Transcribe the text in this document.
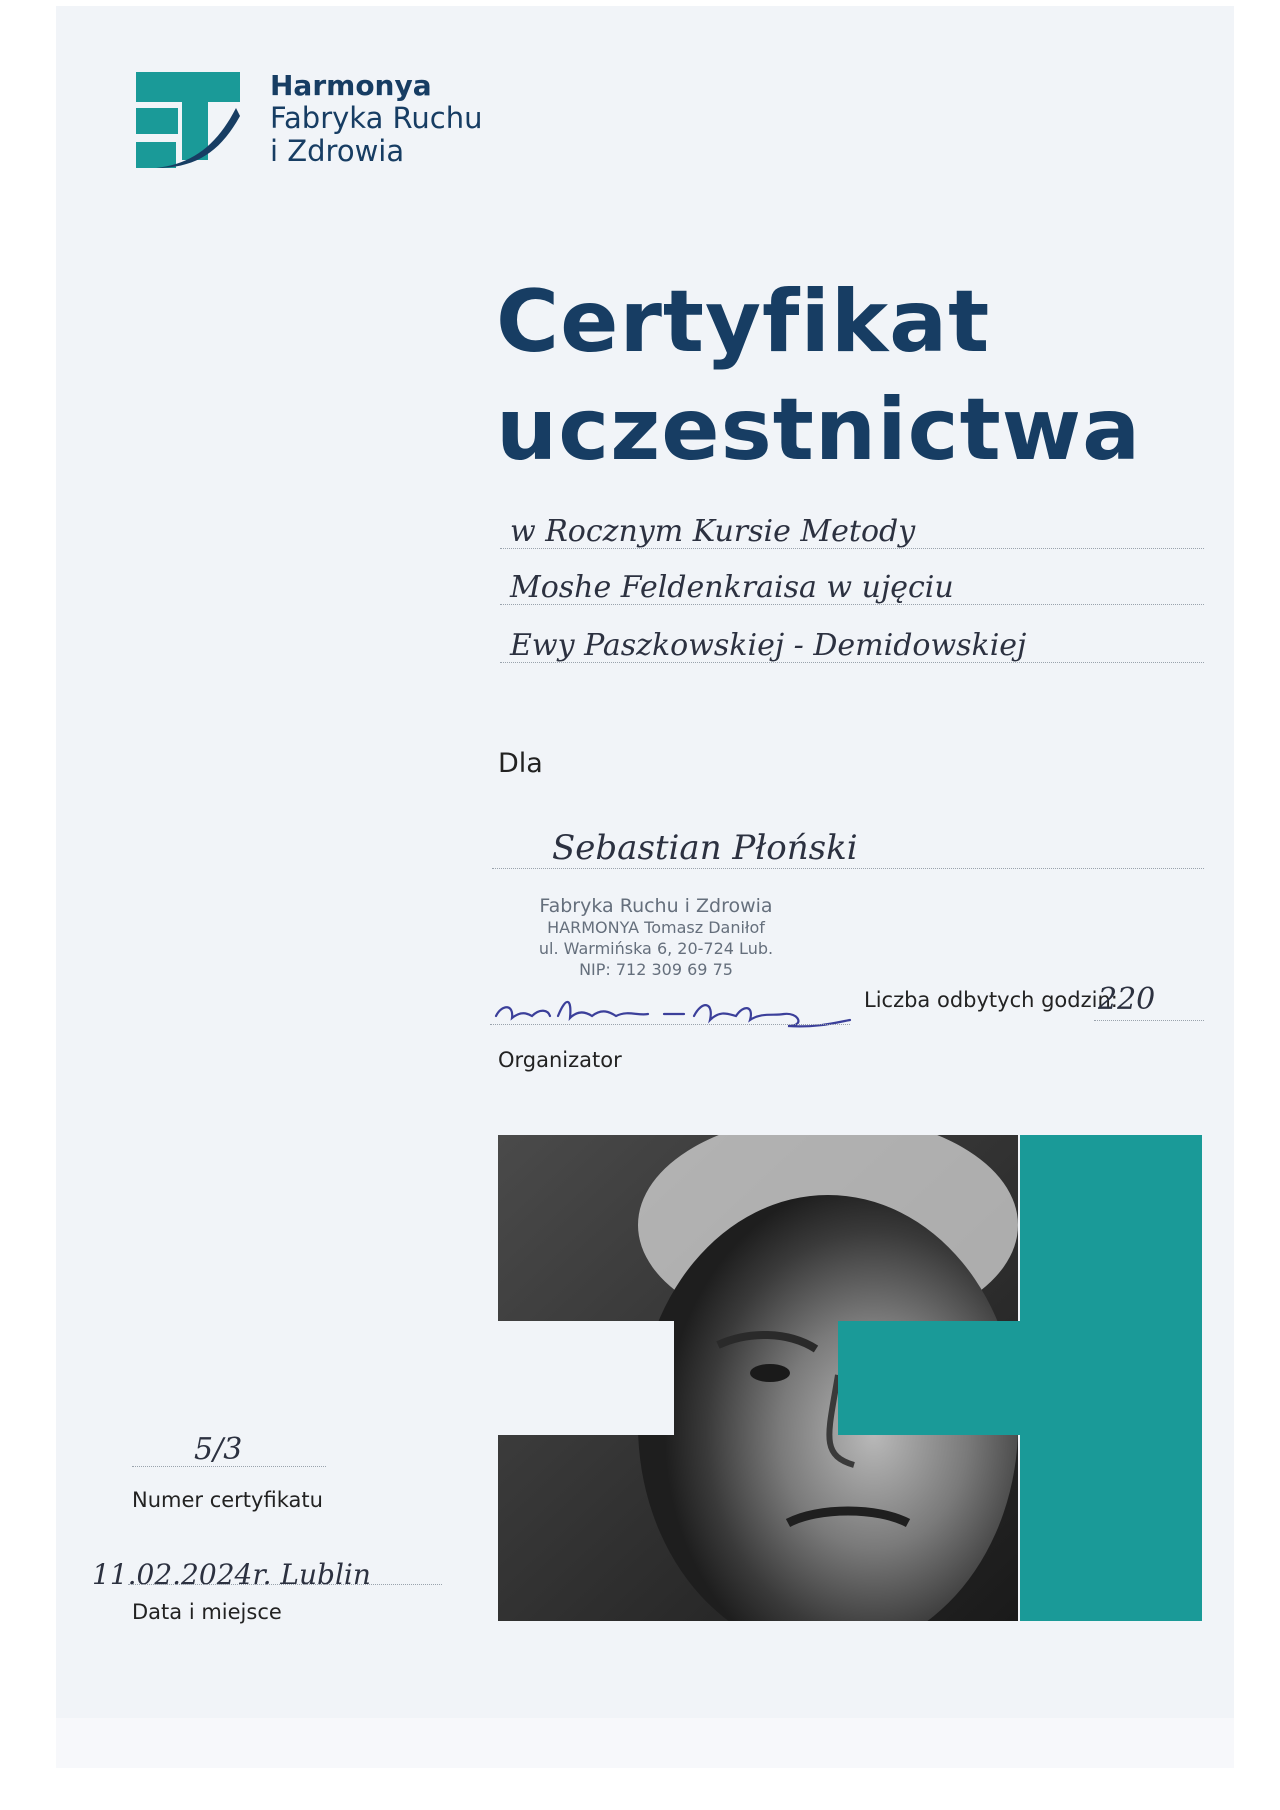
Harmonya
Fabryka Ruchu
i Zdrowia
Certyfikat
uczestnictwa
w Rocznym Kursie Metody
Moshe Feldenkraisa w ujęciu
Ewy Paszkowskiej - Demidowskiej
Dla
Sebastian Płoński
Fabryka Ruchu i Zdrowia
HARMONYA Tomasz Daniłof
ul. Warmińska 6, 20-724 Lub.
NIP: 712 309 69 75
Organizator
Liczba odbytych godzin:
220
5/3
Numer certyfikatu
11.02.2024r. Lublin
Data i miejsce
